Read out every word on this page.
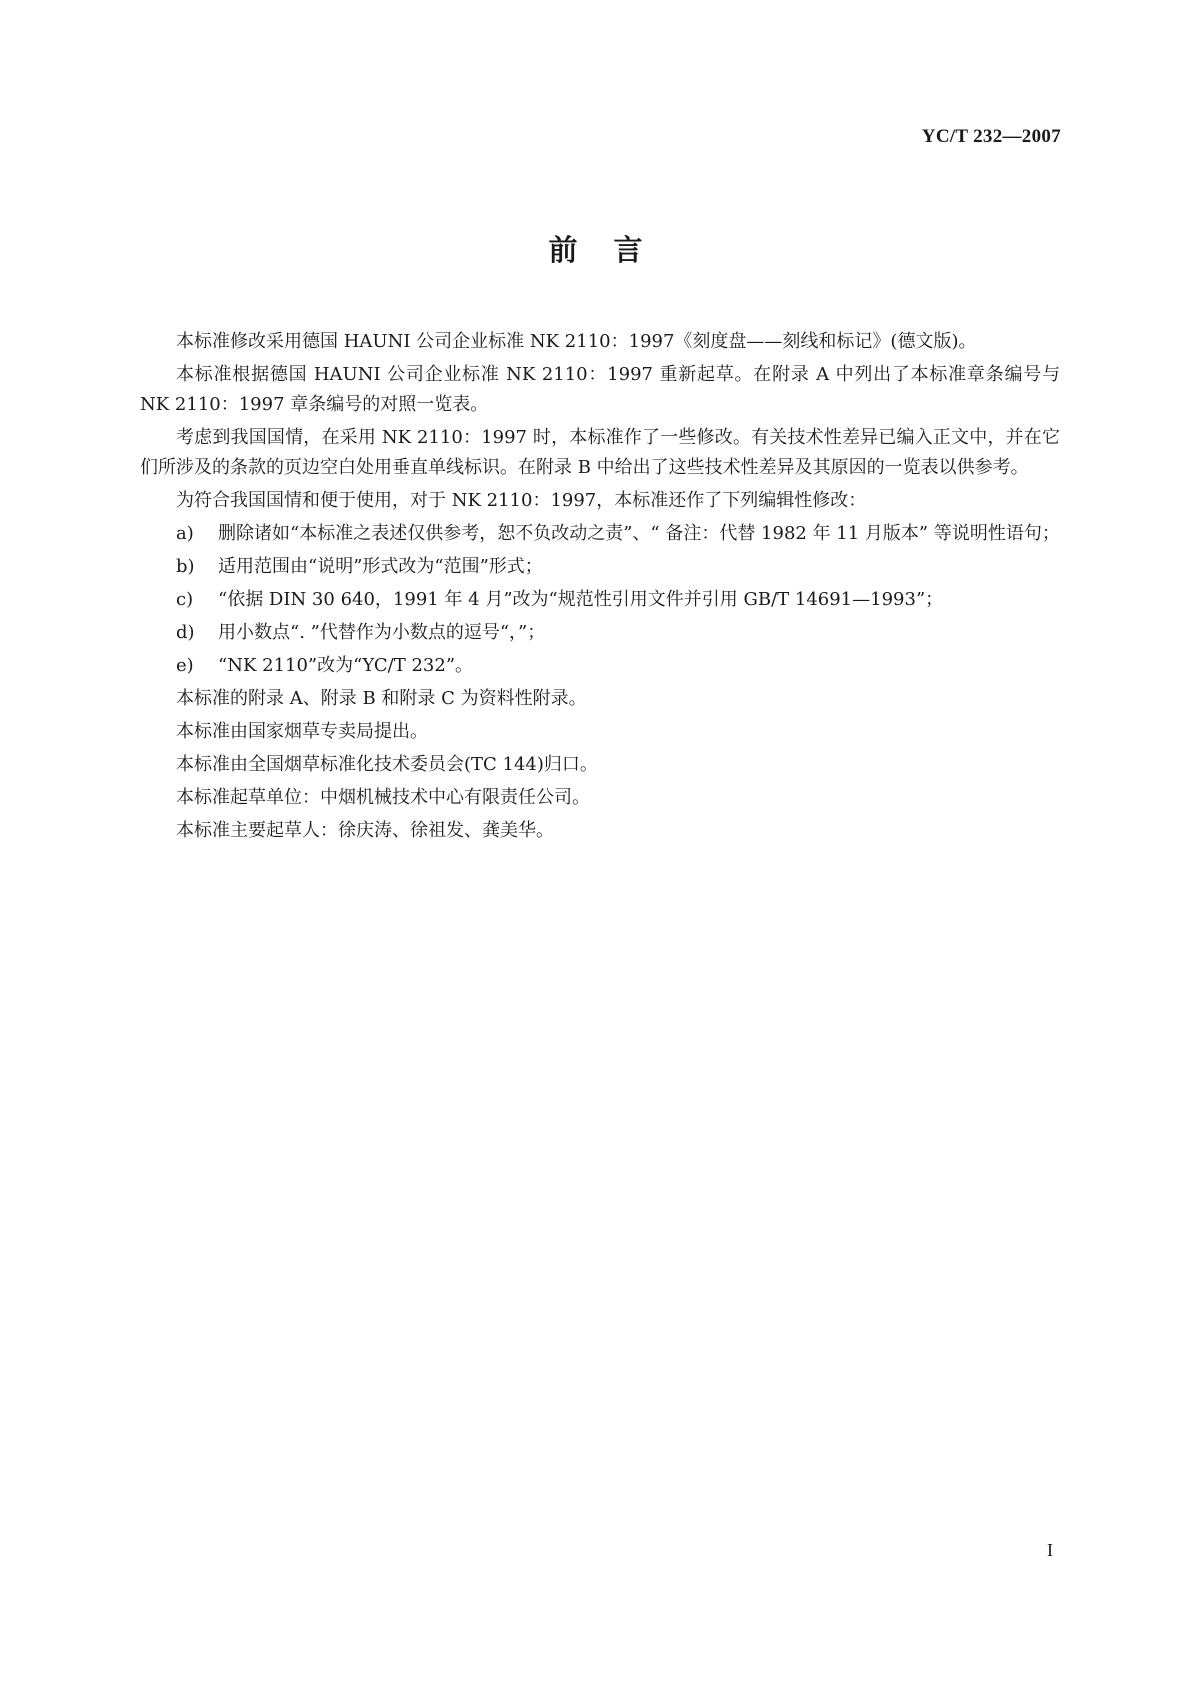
YC/T 232—2007
前言

本标准修改采用德国 HAUNI 公司企业标准 NK 2110：1997《刻度盘——刻线和标记》(德文版)。

本标准根据德国 HAUNI 公司企业标准 NK 2110：1997 重新起草。在附录 A 中列出了本标准章条编号与 NK 2110：1997 章条编号的对照一览表。

考虑到我国国情，在采用 NK 2110：1997 时，本标准作了一些修改。有关技术性差异已编入正文中，并在它们所涉及的条款的页边空白处用垂直单线标识。在附录 B 中给出了这些技术性差异及其原因的一览表以供参考。

为符合我国国情和便于使用，对于 NK 2110：1997，本标准还作了下列编辑性修改：

a)	删除诸如“本标准之表述仅供参考，恕不负改动之责”、“ 备注：代替 1982 年 11 月版本” 等说明性语句；
b)	适用范围由“说明”形式改为“范围”形式；
c)	“依据 DIN 30 640，1991 年 4 月”改为“规范性引用文件并引用 GB/T 14691—1993”；
d)	用小数点“. ”代替作为小数点的逗号“，”；
e)	“NK 2110”改为“YC/T 232”。

本标准的附录 A、附录 B 和附录 C 为资料性附录。

本标准由国家烟草专卖局提出。

本标准由全国烟草标准化技术委员会(TC 144)归口。

本标准起草单位：中烟机械技术中心有限责任公司。

本标准主要起草人：徐庆涛、徐祖发、龚美华。

I
